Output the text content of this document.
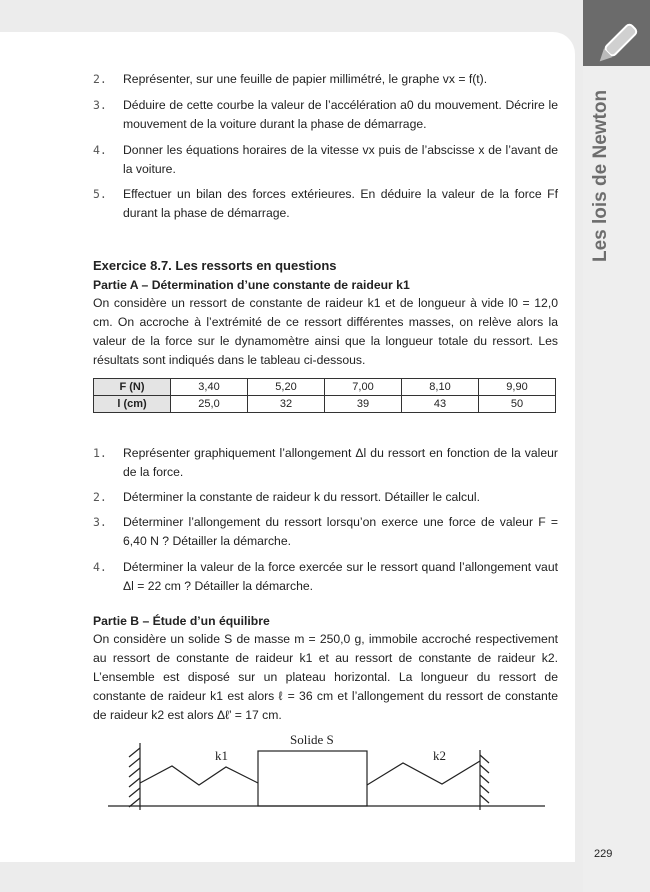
Les lois de Newton
2. Représenter, sur une feuille de papier millimétré, le graphe vx = f(t).
3. Déduire de cette courbe la valeur de l’accélération a0 du mouvement. Décrire le mouvement de la voiture durant la phase de démarrage.
4. Donner les équations horaires de la vitesse vx puis de l’abscisse x de l’avant de la voiture.
5. Effectuer un bilan des forces extérieures. En déduire la valeur de la force Ff durant la phase de démarrage.
Exercice 8.7. Les ressorts en questions
Partie A – Détermination d’une constante de raideur k1
On considère un ressort de constante de raideur k1 et de longueur à vide l0 = 12,0 cm. On accroche à l’extrémité de ce ressort différentes masses, on relève alors la valeur de la force sur le dynamomètre ainsi que la longueur totale du ressort. Les résultats sont indiqués dans le tableau ci-dessous.
F (N)	3,40	5,20	7,00	8,10	9,90
l (cm)	25,0	32	39	43	50
1. Représenter graphiquement l’allongement Δl du ressort en fonction de la valeur de la force.
2. Déterminer la constante de raideur k du ressort. Détailler le calcul.
3. Déterminer l’allongement du ressort lorsqu’on exerce une force de valeur F = 6,40 N ? Détailler la démarche.
4. Déterminer la valeur de la force exercée sur le ressort quand l’allongement vaut Δl = 22 cm ? Détailler la démarche.
Partie B – Étude d’un équilibre
On considère un solide S de masse m = 250,0 g, immobile accroché respectivement au ressort de constante de raideur k1 et au ressort de constante de raideur k2. L’ensemble est disposé sur un plateau horizontal. La longueur du ressort de constante de raideur k1 est alors ℓ = 36 cm et l’allongement du ressort de constante de raideur k2 est alors Δℓ’ = 17 cm.
Solide S
k1	k2
229
